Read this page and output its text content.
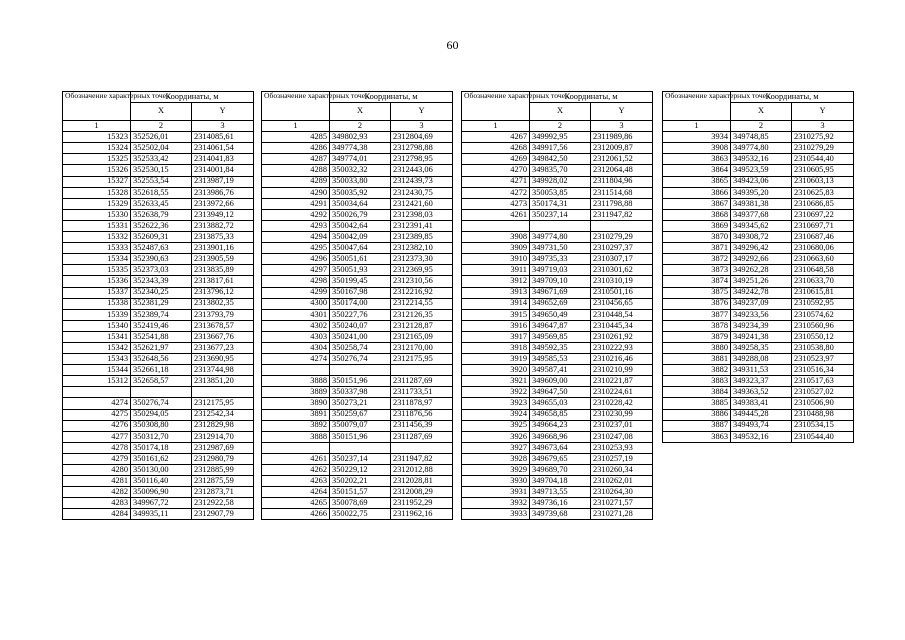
60
Обозначение характерных точек	Координаты, м	
	X	Y
1	2	3
15323	352526,01	2314085,61
15324	352502,04	2314061,54
15325	352533,42	2314041,83
15326	352530,15	2314001,84
15327	352553,54	2313987,19
15328	352618,55	2313986,76
15329	352633,45	2313972,66
15330	352638,79	2313949,12
15331	352622,36	2313882,72
15332	352609,31	2313875,33
15333	352487,63	2313901,16
15334	352390,63	2313905,59
15335	352373,03	2313835,89
15336	352343,39	2313817,61
15337	352340,25	2313796,12
15338	352381,29	2313802,35
15339	352389,74	2313793,79
15340	352419,46	2313678,57
15341	352541,88	2313667,76
15342	352621,97	2313677,23
15343	352648,56	2313690,95
15344	352661,18	2313744,98
15312	352658,57	2313851,20

4274	350276,74	2312175,95
4275	350294,05	2312542,34
4276	350308,80	2312829,98
4277	350312,70	2312914,70
4278	350174,18	2312987,69
4279	350161,62	2312980,79
4280	350130,00	2312885,99
4281	350116,40	2312875,59
4282	350096,90	2312873,71
4283	349967,72	2312922,58
4284	349935,11	2312907,79
Обозначение характерных точек	Координаты, м	
	X	Y
1	2	3
4285	349802,93	2312804,69
4286	349774,38	2312798,88
4287	349774,01	2312798,95
4288	350032,32	2312443,06
4289	350033,80	2312439,73
4290	350035,92	2312430,75
4291	350034,64	2312421,60
4292	350026,79	2312398,03
4293	350042,64	2312391,41
4294	350042,09	2312389,85
4295	350047,64	2312382,10
4296	350051,61	2312373,30
4297	350051,93	2312369,95
4298	350199,45	2312310,56
4299	350167,98	2312216,92
4300	350174,00	2312214,55
4301	350227,76	2312126,35
4302	350240,07	2312128,87
4303	350241,00	2312165,09
4304	350258,74	2312170,00
4274	350276,74	2312175,95

3888	350151,96	2311287,69
3889	350337,98	2311733,51
3890	350273,21	2311878,97
3891	350259,67	2311876,56
3892	350079,07	2311456,39
3888	350151,96	2311287,69

4261	350237,14	2311947,82
4262	350229,12	2312012,88
4263	350202,21	2312028,81
4264	350151,57	2312008,29
4265	350078,69	2311952,29
4266	350022,75	2311962,16
Обозначение характерных точек	Координаты, м	
	X	Y
1	2	3
4267	349992,95	2311989,86
4268	349917,56	2312009,87
4269	349842,50	2312061,52
4270	349835,70	2312064,48
4271	349928,02	2311804,96
4272	350053,85	2311514,68
4273	350174,31	2311798,88
4261	350237,14	2311947,82

3908	349774,80	2310279,29
3909	349731,50	2310297,37
3910	349735,33	2310307,17
3911	349719,03	2310301,62
3912	349709,10	2310310,19
3913	349671,69	2310501,16
3914	349652,69	2310456,65
3915	349650,49	2310448,54
3916	349647,87	2310445,34
3917	349569,85	2310261,92
3918	349592,35	2310222,93
3919	349585,53	2310216,46
3920	349587,41	2310210,99
3921	349609,00	2310221,87
3922	349647,50	2310224,61
3923	349655,03	2310228,42
3924	349658,85	2310230,99
3925	349664,23	2310237,01
3926	349668,96	2310247,08
3927	349673,64	2310253,93
3928	349679,65	2310257,19
3929	349689,70	2310260,34
3930	349704,18	2310262,01
3931	349713,55	2310264,30
3932	349736,16	2310271,57
3933	349739,68	2310271,28
Обозначение характерных точек	Координаты, м	
	X	Y
1	2	3
3934	349748,85	2310275,92
3908	349774,80	2310279,29
3863	349532,16	2310544,40
3864	349523,59	2310605,95
3865	349423,06	2310603,13
3866	349395,20	2310625,83
3867	349381,38	2310686,85
3868	349377,68	2310697,22
3869	349345,62	2310697,71
3870	349308,72	2310687,46
3871	349296,42	2310680,06
3872	349292,66	2310663,60
3873	349262,28	2310648,58
3874	349251,26	2310633,70
3875	349242,78	2310615,81
3876	349237,09	2310592,95
3877	349233,56	2310574,62
3878	349234,39	2310560,96
3879	349241,38	2310550,12
3880	349258,35	2310538,80
3881	349288,08	2310523,97
3882	349311,53	2310516,34
3883	349323,37	2310517,63
3884	349363,52	2310527,02
3885	349383,41	2310506,90
3886	349445,28	2310488,98
3887	349493,74	2310534,15
3863	349532,16	2310544,40
